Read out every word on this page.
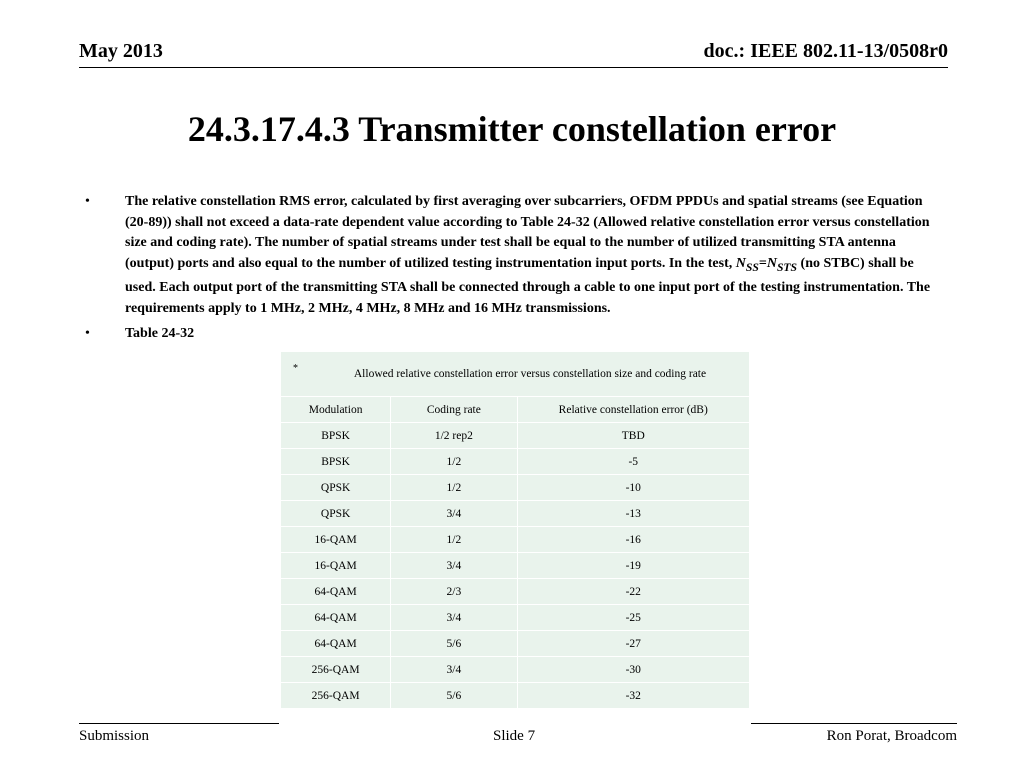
May 2013	doc.: IEEE 802.11-13/0508r0
24.3.17.4.3 Transmitter constellation error
•	The relative constellation RMS error, calculated by first averaging over subcarriers, OFDM PPDUs and spatial streams (see Equation (20-89)) shall not exceed a data-rate dependent value according to Table 24-32 (Allowed relative constellation error versus constellation size and coding rate). The number of spatial streams under test shall be equal to the number of utilized transmitting STA antenna (output) ports and also equal to the number of utilized testing instrumentation input ports. In the test, $N_{SS}=N_{STS}$ (no STBC) shall be used. Each output port of the transmitting STA shall be connected through a cable to one input port of the testing instrumentation. The requirements apply to 1 MHz, 2 MHz, 4 MHz, 8 MHz and 16 MHz transmissions.
•	Table 24-32
* Allowed relative constellation error versus constellation size and coding rate		

Modulation	Coding rate	Relative constellation error (dB)
BPSK	1/2 rep2	TBD
BPSK	1/2	-5
QPSK	1/2	-10
QPSK	3/4	-13
16-QAM	1/2	-16
16-QAM	3/4	-19
64-QAM	2/3	-22
64-QAM	3/4	-25
64-QAM	5/6	-27
256-QAM	3/4	-30
256-QAM	5/6	-32
Submission	Slide 7	Ron Porat, Broadcom
